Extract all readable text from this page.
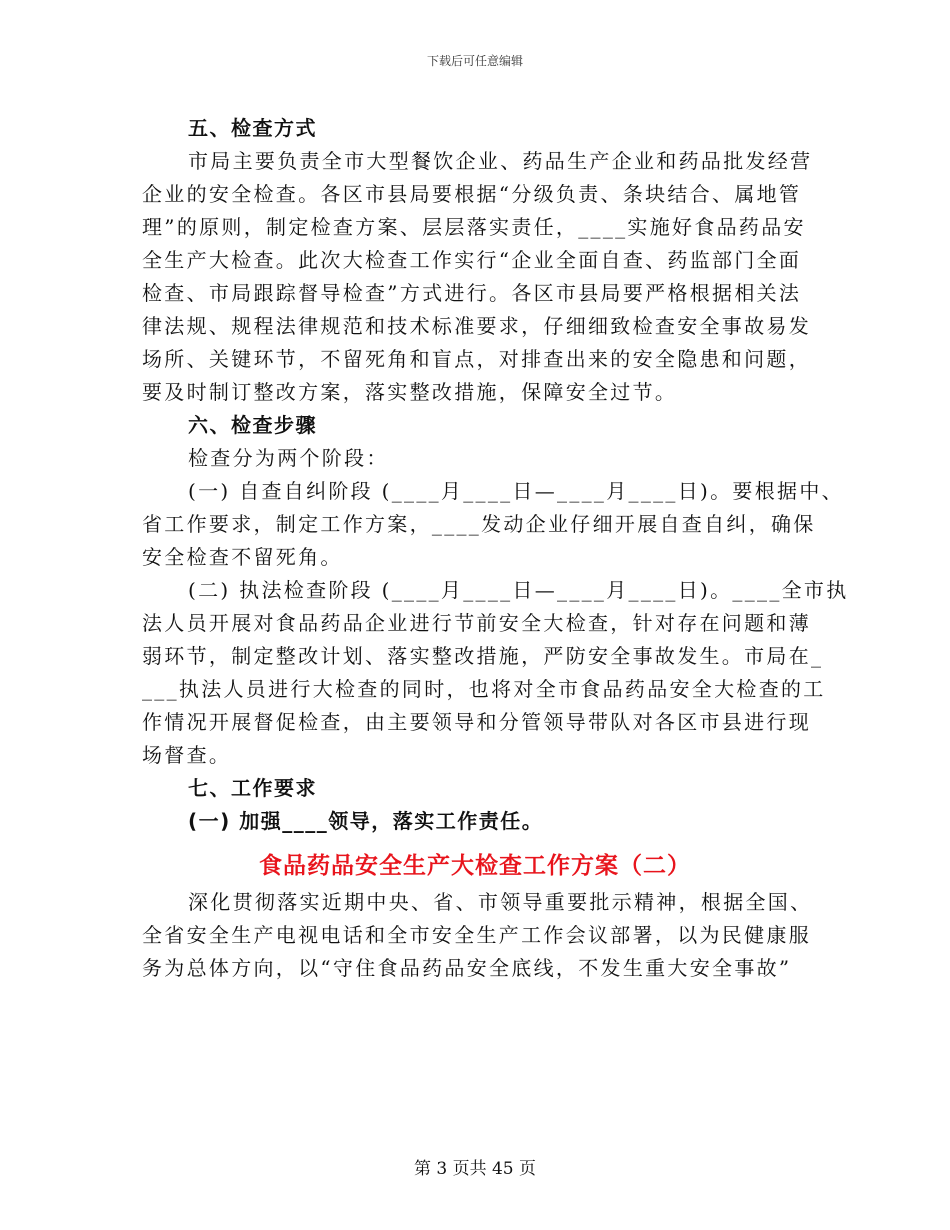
下载后可任意编辑
五、检查方式
市局主要负责全市大型餐饮企业、药品生产企业和药品批发经营
企业的安全检查。各区市县局要根据“分级负责、条块结合、属地管
理”的原则，制定检查方案、层层落实责任，____实施好食品药品安
全生产大检查。此次大检查工作实行“企业全面自查、药监部门全面
检查、市局跟踪督导检查”方式进行。各区市县局要严格根据相关法
律法规、规程法律规范和技术标准要求，仔细细致检查安全事故易发
场所、关键环节，不留死角和盲点，对排查出来的安全隐患和问题，
要及时制订整改方案，落实整改措施，保障安全过节。
六、检查步骤
检查分为两个阶段：
(一) 自查自纠阶段 (____月____日—____月____日)。要根据中、
省工作要求，制定工作方案，____发动企业仔细开展自查自纠，确保
安全检查不留死角。
(二) 执法检查阶段 (____月____日—____月____日)。____全市执
法人员开展对食品药品企业进行节前安全大检查，针对存在问题和薄
弱环节，制定整改计划、落实整改措施，严防安全事故发生。市局在_
___执法人员进行大检查的同时，也将对全市食品药品安全大检查的工
作情况开展督促检查，由主要领导和分管领导带队对各区市县进行现
场督查。
七、工作要求
(一) 加强____领导，落实工作责任。
食品药品安全生产大检查工作方案（二）
深化贯彻落实近期中央、省、市领导重要批示精神，根据全国、
全省安全生产电视电话和全市安全生产工作会议部署，以为民健康服
务为总体方向，以“守住食品药品安全底线，不发生重大安全事故”
第 3 页共 45 页
